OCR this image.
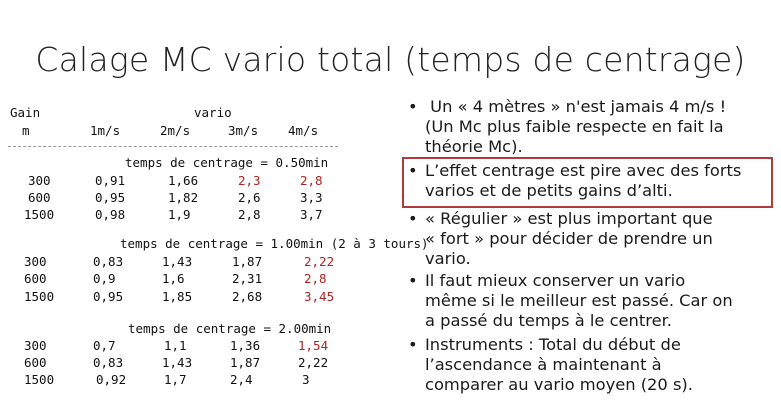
Calage MC vario total (temps de centrage)
Gain
m
vario
1m/s	2m/s	3m/s 4m/s
temps de centrage = 0.50min
300	0,91	1,66	2,3	2,8
600	0,95	1,82	2,6	3,3
1500	0,98	1,9	2,8	3,7
temps de centrage = 1.00min (2 à 3 tours)
300	0,83	1,43	1,87	2,22
600	0,9	1,6	2,31	2,8
1500	0,95	1,85	2,68	3,45
temps de centrage = 2.00min
300	0,7	1,1	1,36	1,54
600	0,83	1,43	1,87	2,22
1500	0,92	1,7	2,4	3
• Un « 4 mètres » n'est jamais 4 m/s !
(Un Mc plus faible respecte en fait la
théorie Mc).
• L’effet centrage est pire avec des forts
varios et de petits gains d’alti.
• « Régulier » est plus important que
« fort » pour décider de prendre un
vario.
• Il faut mieux conserver un vario
même si le meilleur est passé. Car on
a passé du temps à le centrer.
• Instruments : Total du début de
l’ascendance à maintenant à
comparer au vario moyen (20 s).
